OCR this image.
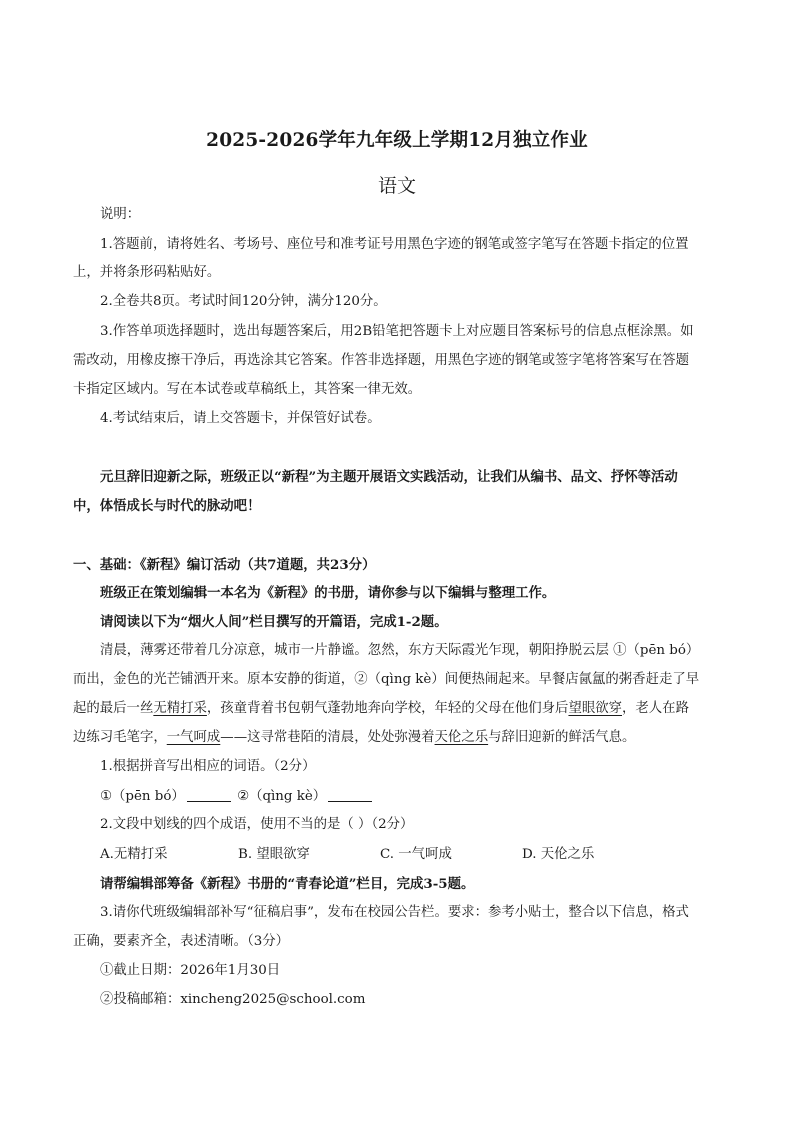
2025-2026学年九年级上学期12月独立作业
语文
说明：
1.答题前，请将姓名、考场号、座位号和准考证号用黑色字迹的钢笔或签字笔写在答题卡指定的位置
上，并将条形码粘贴好。
2.全卷共8页。考试时间120分钟，满分120分。
3.作答单项选择题时，选出每题答案后，用2B铅笔把答题卡上对应题目答案标号的信息点框涂黑。如
需改动，用橡皮擦干净后，再选涂其它答案。作答非选择题，用黑色字迹的钢笔或签字笔将答案写在答题
卡指定区域内。写在本试卷或草稿纸上，其答案一律无效。
4.考试结束后，请上交答题卡，并保管好试卷。
元旦辞旧迎新之际，班级正以“新程”为主题开展语文实践活动，让我们从编书、品文、抒怀等活动
中，体悟成长与时代的脉动吧！
一、基础：《新程》编订活动（共7道题，共23分）
班级正在策划编辑一本名为《新程》的书册，请你参与以下编辑与整理工作。
请阅读以下为“烟火人间”栏目撰写的开篇语，完成1-2题。
清晨，薄雾还带着几分凉意，城市一片静谧。忽然，东方天际霞光乍现，朝阳挣脱云层 ①（pēn bó）
而出，金色的光芒铺洒开来。原本安静的街道，②（qìng kè）间便热闹起来。早餐店氤氲的粥香赶走了早
起的最后一丝无精打采，孩童背着书包朝气蓬勃地奔向学校，年轻的父母在他们身后望眼欲穿，老人在路
边练习毛笔字，一气呵成——这寻常巷陌的清晨，处处弥漫着天伦之乐与辞旧迎新的鲜活气息。
1.根据拼音写出相应的词语。（2分）
①（pēn bó）	②（qìng kè）
2.文段中划线的四个成语，使用不当的是（ ）（2分）
A.无精打采	B. 望眼欲穿	C. 一气呵成	D. 天伦之乐
请帮编辑部筹备《新程》书册的“青春论道”栏目，完成3-5题。
3.请你代班级编辑部补写“征稿启事”，发布在校园公告栏。要求：参考小贴士，整合以下信息，格式
正确，要素齐全，表述清晰。（3分）
①截止日期：2026年1月30日
②投稿邮箱：xincheng2025@school.com
